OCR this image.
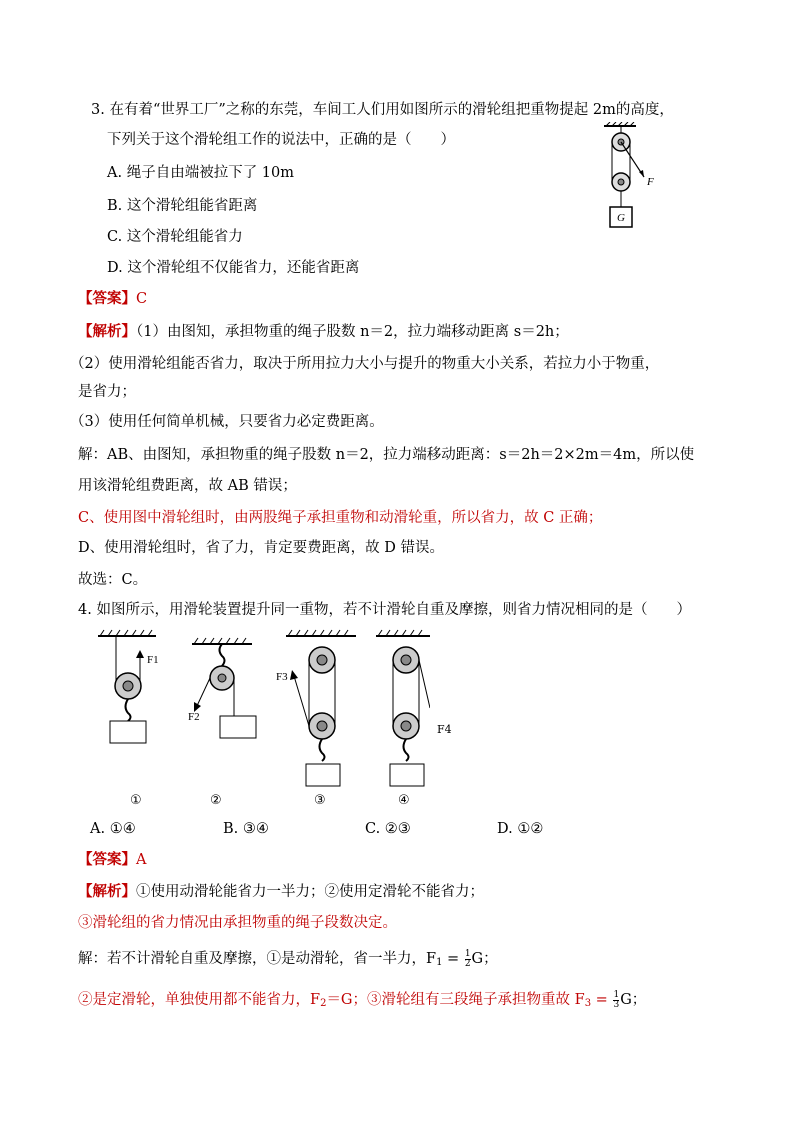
3. 在有着“世界工厂”之称的东莞，车间工人们用如图所示的滑轮组把重物提起 2m的高度，
下列关于这个滑轮组工作的说法中，正确的是（　　）
A. 绳子自由端被拉下了 10m
B. 这个滑轮组能省距离
C. 这个滑轮组能省力
D. 这个滑轮组不仅能省力，还能省距离
F
G
【答案】C
【解析】（1）由图知，承担物重的绳子股数 n＝2，拉力端移动距离 s＝2h；
（2）使用滑轮组能否省力，取决于所用拉力大小与提升的物重大小关系，若拉力小于物重，
是省力；
（3）使用任何简单机械，只要省力必定费距离。
解：AB、由图知，承担物重的绳子股数 n＝2，拉力端移动距离：s＝2h＝2×2m＝4m，所以使
用该滑轮组费距离，故 AB 错误；
C、使用图中滑轮组时，由两股绳子承担重物和动滑轮重，所以省力，故 C 正确；
D、使用滑轮组时，省了力，肯定要费距离，故 D 错误。
故选：C。
4. 如图所示，用滑轮装置提升同一重物，若不计滑轮自重及摩擦，则省力情况相同的是（　　）
F1
F2
F3
①	②	③	④
F4
A. ①④	B. ③④	C. ②③	D. ①②
【答案】A
【解析】①使用动滑轮能省力一半力；②使用定滑轮不能省力；
③滑轮组的省力情况由承担物重的绳子段数决定。
解：若不计滑轮自重及摩擦，①是动滑轮，省一半力，$F_1 = \frac{1}{2}$ G；
②是定滑轮，单独使用都不能省力，$F_2=G$；③滑轮组有三段绳子承担物重故 $F_3 = \frac{1}{3}$ G；
